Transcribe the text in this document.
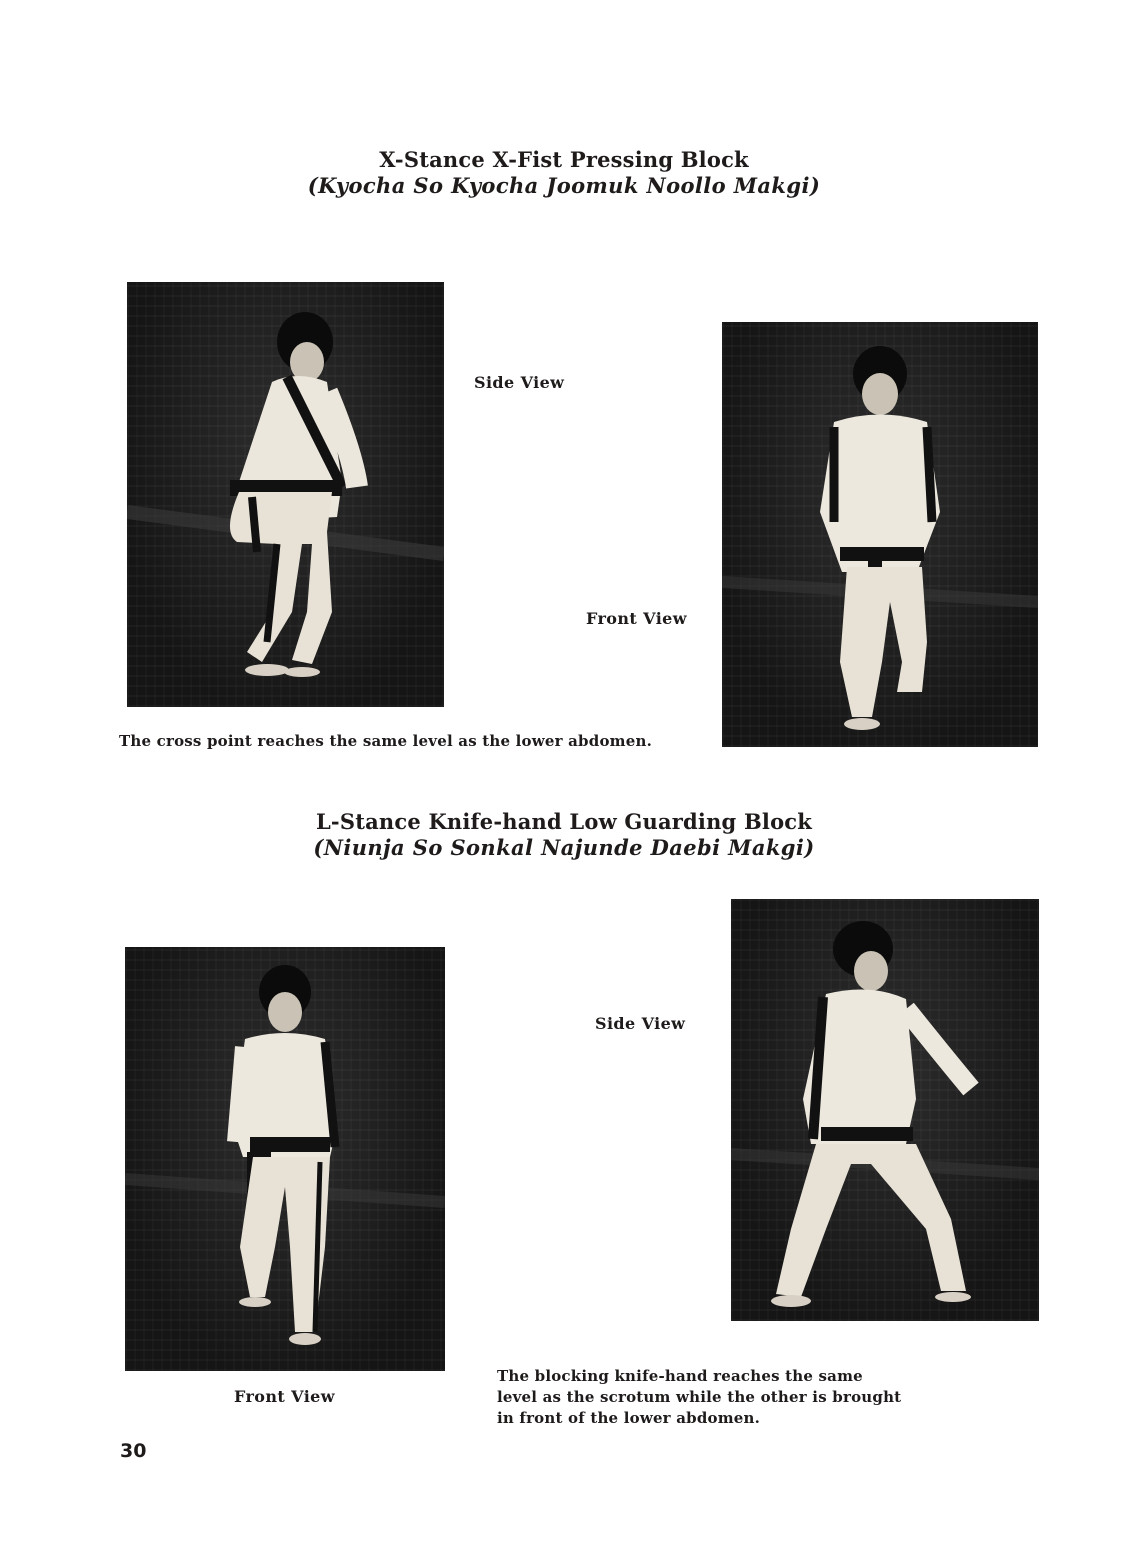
X-Stance X-Fist Pressing Block
(Kyocha So Kyocha Joomuk Noollo Makgi)
Side View
Front View
The cross point reaches the same level as the lower abdomen.
L-Stance Knife-hand Low Guarding Block
(Niunja So Sonkal Najunde Daebi Makgi)
Side View
Front View
The blocking knife-hand reaches the same
level as the scrotum while the other is brought
in front of the lower abdomen.
30
